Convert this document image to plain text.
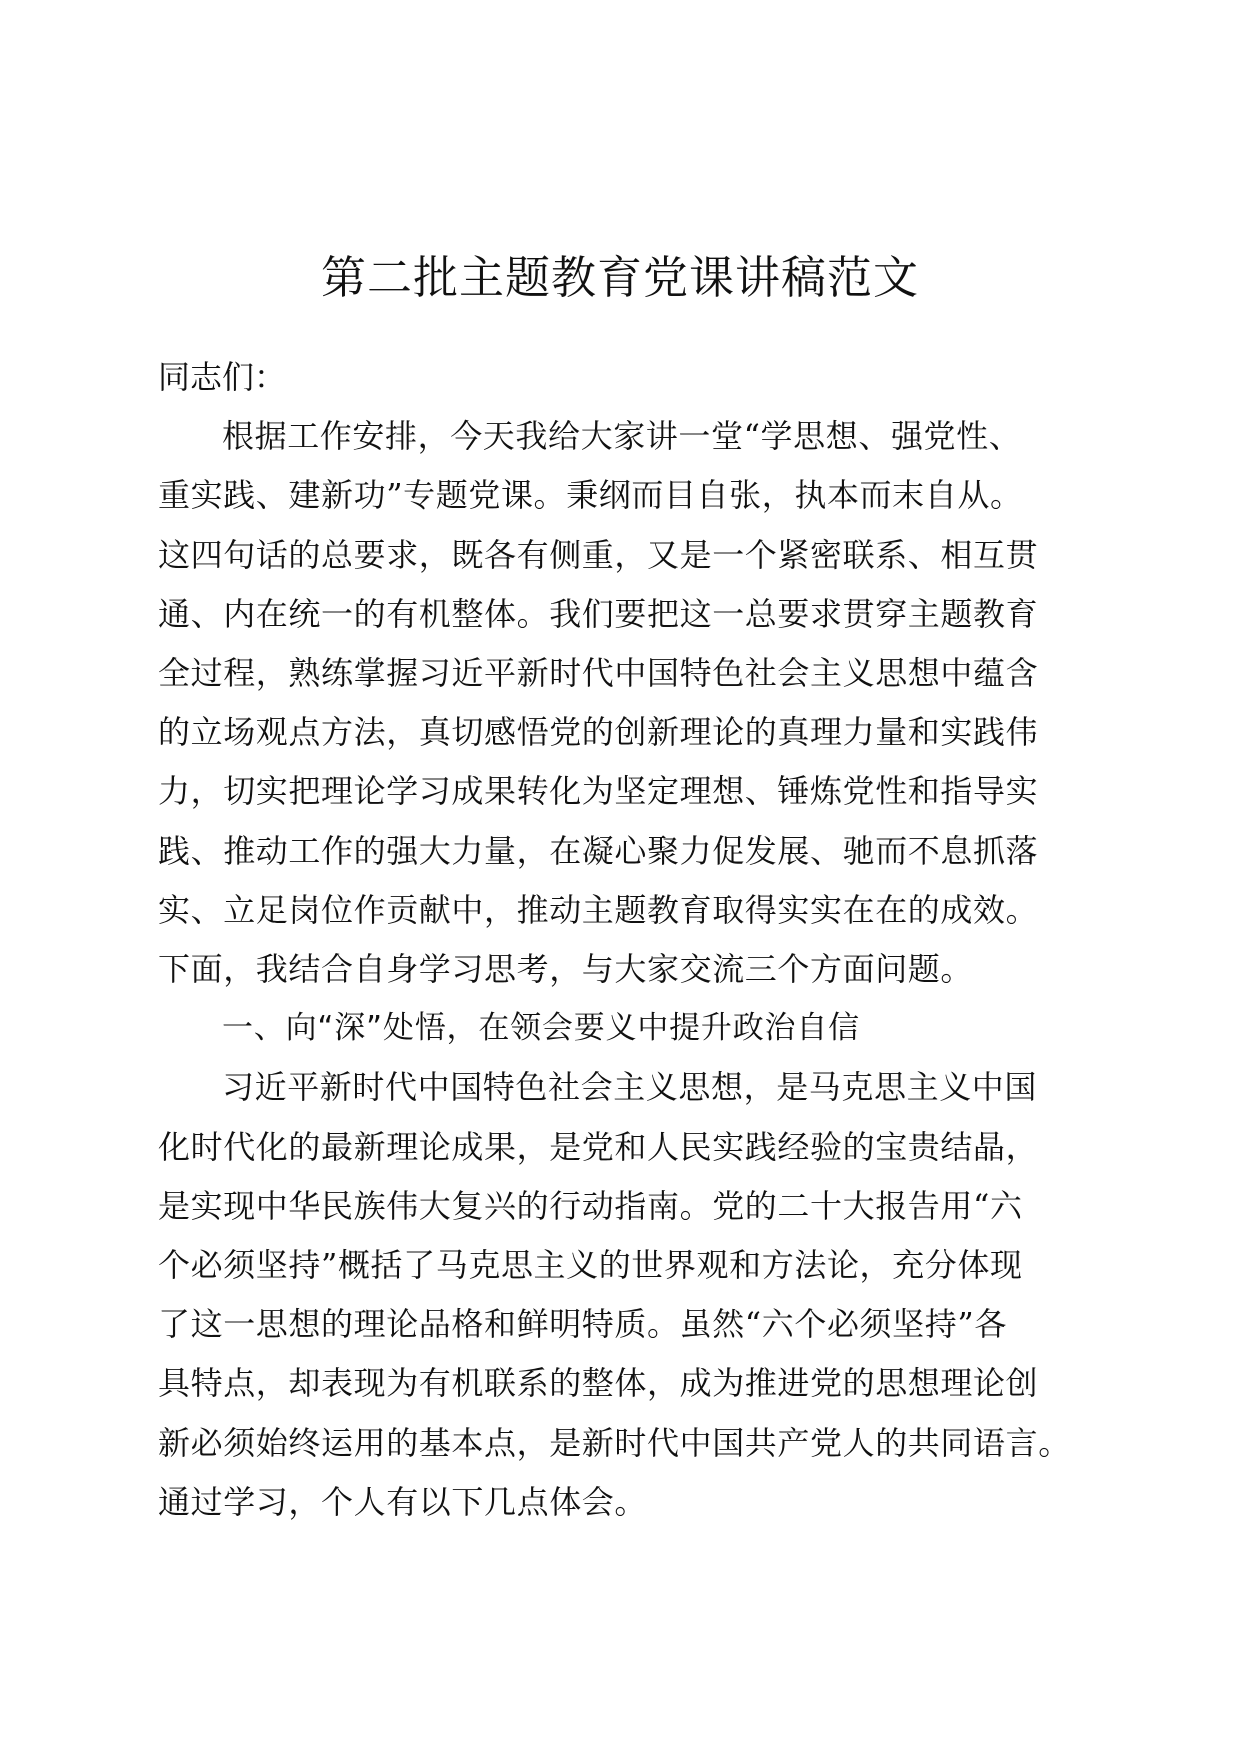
第二批主题教育党课讲稿范文

同志们：

根据工作安排，今天我给大家讲一堂“学思想、强党性、

重实践、建新功”专题党课。秉纲而目自张，执本而末自从。

这四句话的总要求，既各有侧重，又是一个紧密联系、相互贯

通、内在统一的有机整体。我们要把这一总要求贯穿主题教育

全过程，熟练掌握习近平新时代中国特色社会主义思想中蕴含

的立场观点方法，真切感悟党的创新理论的真理力量和实践伟

力，切实把理论学习成果转化为坚定理想、锤炼党性和指导实

践、推动工作的强大力量，在凝心聚力促发展、驰而不息抓落

实、立足岗位作贡献中，推动主题教育取得实实在在的成效。

下面，我结合自身学习思考，与大家交流三个方面问题。

一、向“深”处悟，在领会要义中提升政治自信

习近平新时代中国特色社会主义思想，是马克思主义中国

化时代化的最新理论成果，是党和人民实践经验的宝贵结晶，

是实现中华民族伟大复兴的行动指南。党的二十大报告用“六

个必须坚持”概括了马克思主义的世界观和方法论，充分体现

了这一思想的理论品格和鲜明特质。虽然“六个必须坚持”各

具特点，却表现为有机联系的整体，成为推进党的思想理论创

新必须始终运用的基本点，是新时代中国共产党人的共同语言。

通过学习，个人有以下几点体会。
